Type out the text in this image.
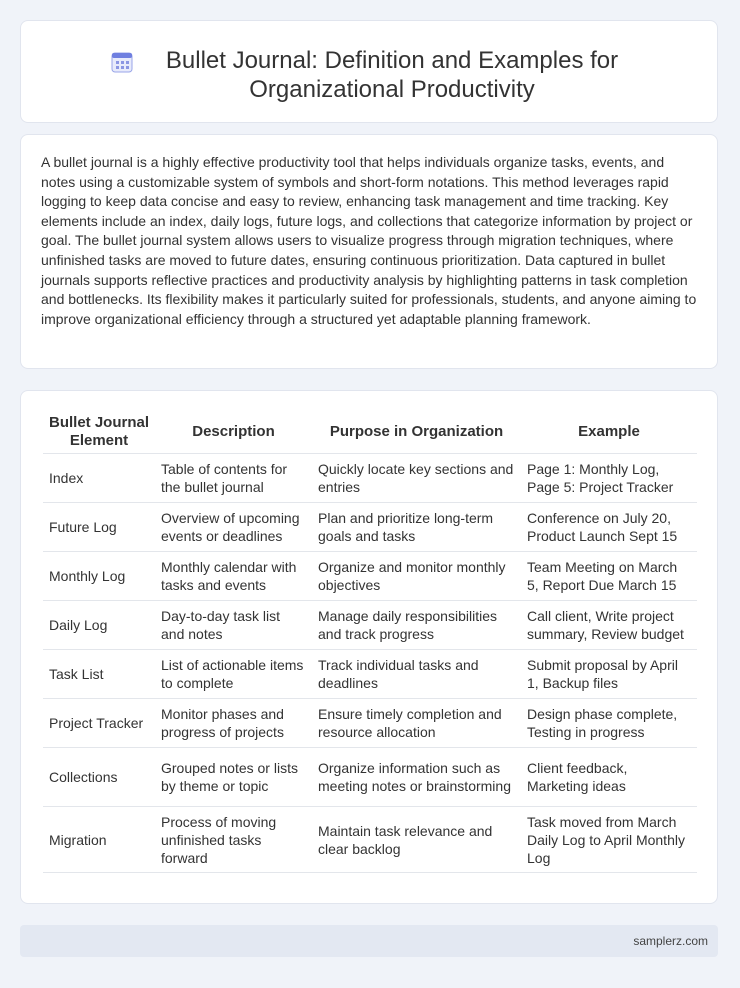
Bullet Journal: Definition and Examples for Organizational Productivity

A bullet journal is a highly effective productivity tool that helps individuals organize tasks, events, and notes using a customizable system of symbols and short-form notations. This method leverages rapid logging to keep data concise and easy to review, enhancing task management and time tracking. Key elements include an index, daily logs, future logs, and collections that categorize information by project or goal. The bullet journal system allows users to visualize progress through migration techniques, where unfinished tasks are moved to future dates, ensuring continuous prioritization. Data captured in bullet journals supports reflective practices and productivity analysis by highlighting patterns in task completion and bottlenecks. Its flexibility makes it particularly suited for professionals, students, and anyone aiming to improve organizational efficiency through a structured yet adaptable planning framework.

Bullet Journal Element	Description	Purpose in Organization	Example
Index	Table of contents for the bullet journal	Quickly locate key sections and entries	Page 1: Monthly Log, Page 5: Project Tracker
Future Log	Overview of upcoming events or deadlines	Plan and prioritize long-term goals and tasks	Conference on July 20, Product Launch Sept 15
Monthly Log	Monthly calendar with tasks and events	Organize and monitor monthly objectives	Team Meeting on March 5, Report Due March 15
Daily Log	Day-to-day task list and notes	Manage daily responsibilities and track progress	Call client, Write project summary, Review budget
Task List	List of actionable items to complete	Track individual tasks and deadlines	Submit proposal by April 1, Backup files
Project Tracker	Monitor phases and progress of projects	Ensure timely completion and resource allocation	Design phase complete, Testing in progress
Collections	Grouped notes or lists by theme or topic	Organize information such as meeting notes or brainstorming	Client feedback, Marketing ideas
Migration	Process of moving unfinished tasks forward	Maintain task relevance and clear backlog	Task moved from March Daily Log to April Monthly Log
samplerz.com
